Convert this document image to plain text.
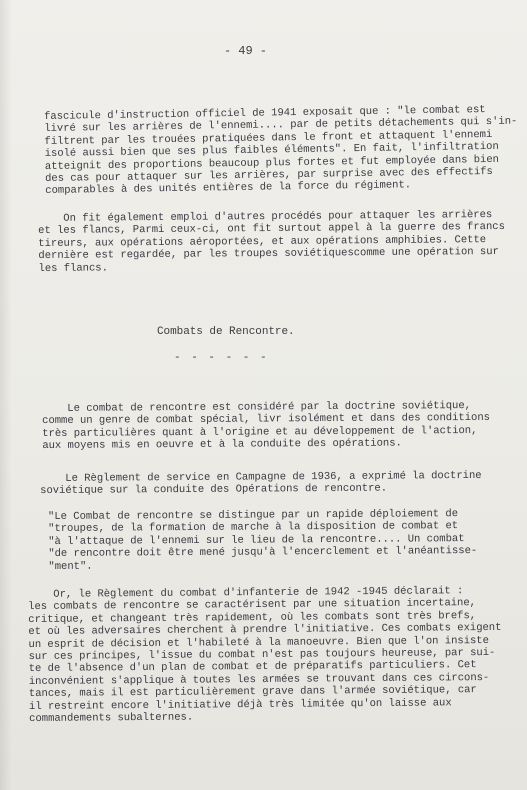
- 49 -
fascicule d'instruction officiel de 1941 exposait que : "le combat est
livré sur les arrières de l'ennemi.... par de petits détachements qui s'in-
filtrent par les trouées pratiquées dans le front et attaquent l'ennemi
isolé aussi bien que ses plus faibles éléments". En fait, l'infiltration
atteignit des proportions beaucoup plus fortes et fut employée dans bien
des cas pour attaquer sur les arrières, par surprise avec des effectifs
comparables à des unités entières de la force du régiment.
On fit également emploi d'autres procédés pour attaquer les arrières
et les flancs, Parmi ceux-ci, ont fit surtout appel à la guerre des francs
tireurs, aux opérations aéroportées, et aux opérations amphibies. Cette
dernière est regardée, par les troupes soviétiquescomme une opération sur
les flancs.
Combats de Rencontre.
- - - - - -
Le combat de rencontre est considéré par la doctrine soviétique,
comme un genre de combat spécial, livr isolément et dans des conditions
très particulières quant à l'origine et au développement de l'action,
aux moyens mis en oeuvre et à la conduite des opérations.
Le Règlement de service en Campagne de 1936, a exprimé la doctrine
soviétique sur la conduite des Opérations de rencontre.
"Le Combat de rencontre se distingue par un rapide déploiement de
"troupes, de la formation de marche à la disposition de combat et
"à l'attaque de l'ennemi sur le lieu de la rencontre.... Un combat
"de rencontre doit être mené jusqu'à l'encerclement et l'anéantisse-
"ment".
Or, le Règlement du combat d'infanterie de 1942 -1945 déclarait :
les combats de rencontre se caractérisent par une situation incertaine,
critique, et changeant très rapidement, où les combats sont très brefs,
et où les adversaires cherchent à prendre l'initiative. Ces combats exigent
un esprit de décision et l'habileté à la manoeuvre. Bien que l'on insiste
sur ces principes, l'issue du combat n'est pas toujours heureuse, par sui-
te de l'absence d'un plan de combat et de préparatifs particuliers. Cet
inconvénient s'applique à toutes les armées se trouvant dans ces circons-
tances, mais il est particulièrement grave dans l'armée soviétique, car
il restreint encore l'initiative déjà très limitée qu'on laisse aux
commandements subalternes.
